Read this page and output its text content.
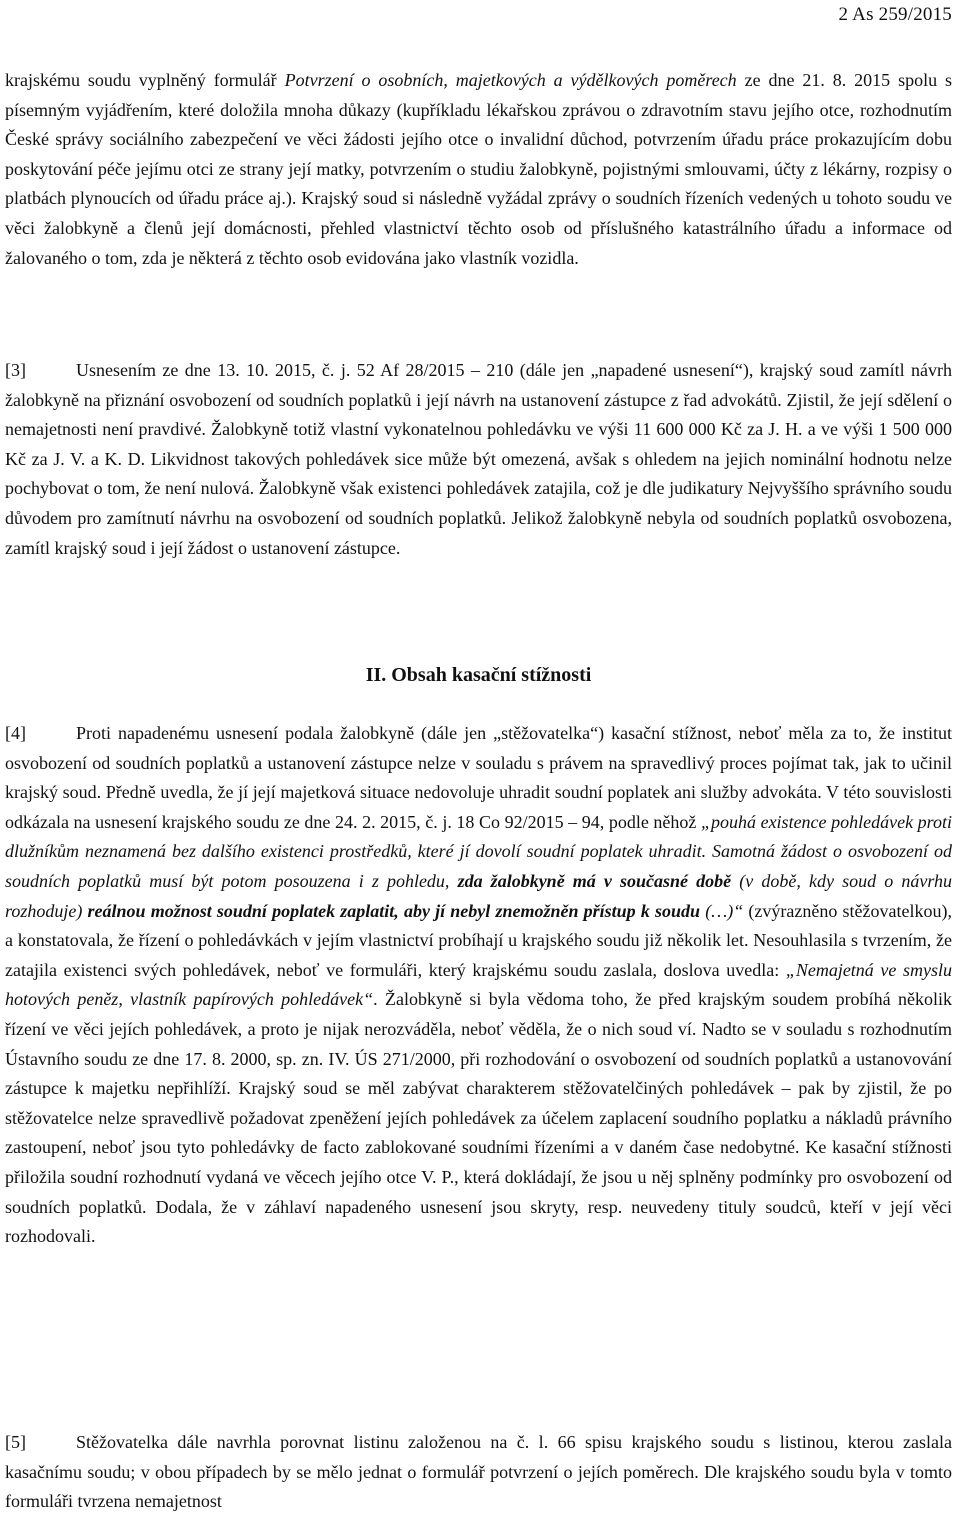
2 As 259/2015
krajskému soudu vyplněný formulář Potvrzení o osobních, majetkových a výdělkových poměrech ze dne 21. 8. 2015 spolu s písemným vyjádřením, které doložila mnoha důkazy (kupříkladu lékařskou zprávou o zdravotním stavu jejího otce, rozhodnutím České správy sociálního zabezpečení ve věci žádosti jejího otce o invalidní důchod, potvrzením úřadu práce prokazujícím dobu poskytování péče jejímu otci ze strany její matky, potvrzením o studiu žalobkyně, pojistnými smlouvami, účty z lékárny, rozpisy o platbách plynoucích od úřadu práce aj.). Krajský soud si následně vyžádal zprávy o soudních řízeních vedených u tohoto soudu ve věci žalobkyně a členů její domácnosti, přehled vlastnictví těchto osob od příslušného katastrálního úřadu a informace od žalovaného o tom, zda je některá z těchto osob evidována jako vlastník vozidla.
[3]	Usnesením ze dne 13. 10. 2015, č. j. 52 Af 28/2015 – 210 (dále jen „napadené usnesení“), krajský soud zamítl návrh žalobkyně na přiznání osvobození od soudních poplatků i její návrh na ustanovení zástupce z řad advokátů. Zjistil, že její sdělení o nemajetnosti není pravdivé. Žalobkyně totiž vlastní vykonatelnou pohledávku ve výši 11 600 000 Kč za J. H. a ve výši 1 500 000 Kč za J. V. a K. D. Likvidnost takových pohledávek sice může být omezená, avšak s ohledem na jejich nominální hodnotu nelze pochybovat o tom, že není nulová. Žalobkyně však existenci pohledávek zatajila, což je dle judikatury Nejvyššího správního soudu důvodem pro zamítnutí návrhu na osvobození od soudních poplatků. Jelikož žalobkyně nebyla od soudních poplatků osvobozena, zamítl krajský soud i její žádost o ustanovení zástupce.
II. Obsah kasační stížnosti
[4]	Proti napadenému usnesení podala žalobkyně (dále jen „stěžovatelka“) kasační stížnost, neboť měla za to, že institut osvobození od soudních poplatků a ustanovení zástupce nelze v souladu s právem na spravedlivý proces pojímat tak, jak to učinil krajský soud. Předně uvedla, že jí její majetková situace nedovoluje uhradit soudní poplatek ani služby advokáta. V této souvislosti odkázala na usnesení krajského soudu ze dne 24. 2. 2015, č. j. 18 Co 92/2015 – 94, podle něhož „pouhá existence pohledávek proti dlužníkům neznamená bez dalšího existenci prostředků, které jí dovolí soudní poplatek uhradit. Samotná žádost o osvobození od soudních poplatků musí být potom posouzena i z pohledu, zda žalobkyně má v současné době (v době, kdy soud o návrhu rozhoduje) reálnou možnost soudní poplatek zaplatit, aby jí nebyl znemožněn přístup k soudu (…)“ (zvýrazněno stěžovatelkou), a konstatovala, že řízení o pohledávkách v jejím vlastnictví probíhají u krajského soudu již několik let. Nesouhlasila s tvrzením, že zatajila existenci svých pohledávek, neboť ve formuláři, který krajskému soudu zaslala, doslova uvedla: „Nemajetná ve smyslu hotových peněz, vlastník papírových pohledávek“. Žalobkyně si byla vědoma toho, že před krajským soudem probíhá několik řízení ve věci jejích pohledávek, a proto je nijak nerozváděla, neboť věděla, že o nich soud ví. Nadto se v souladu s rozhodnutím Ústavního soudu ze dne 17. 8. 2000, sp. zn. IV. ÚS 271/2000, při rozhodování o osvobození od soudních poplatků a ustanovování zástupce k majetku nepřihlíží. Krajský soud se měl zabývat charakterem stěžovatelčiných pohledávek – pak by zjistil, že po stěžovatelce nelze spravedlivě požadovat zpeněžení jejích pohledávek za účelem zaplacení soudního poplatku a nákladů právního zastoupení, neboť jsou tyto pohledávky de facto zablokované soudními řízeními a v daném čase nedobytné. Ke kasační stížnosti přiložila soudní rozhodnutí vydaná ve věcech jejího otce V. P., která dokládají, že jsou u něj splněny podmínky pro osvobození od soudních poplatků. Dodala, že v záhlaví napadeného usnesení jsou skryty, resp. neuvedeny tituly soudců, kteří v její věci rozhodovali.
[5]	Stěžovatelka dále navrhla porovnat listinu založenou na č. l. 66 spisu krajského soudu s listinou, kterou zaslala kasačnímu soudu; v obou případech by se mělo jednat o formulář potvrzení o jejích poměrech. Dle krajského soudu byla v tomto formuláři tvrzena nemajetnost
